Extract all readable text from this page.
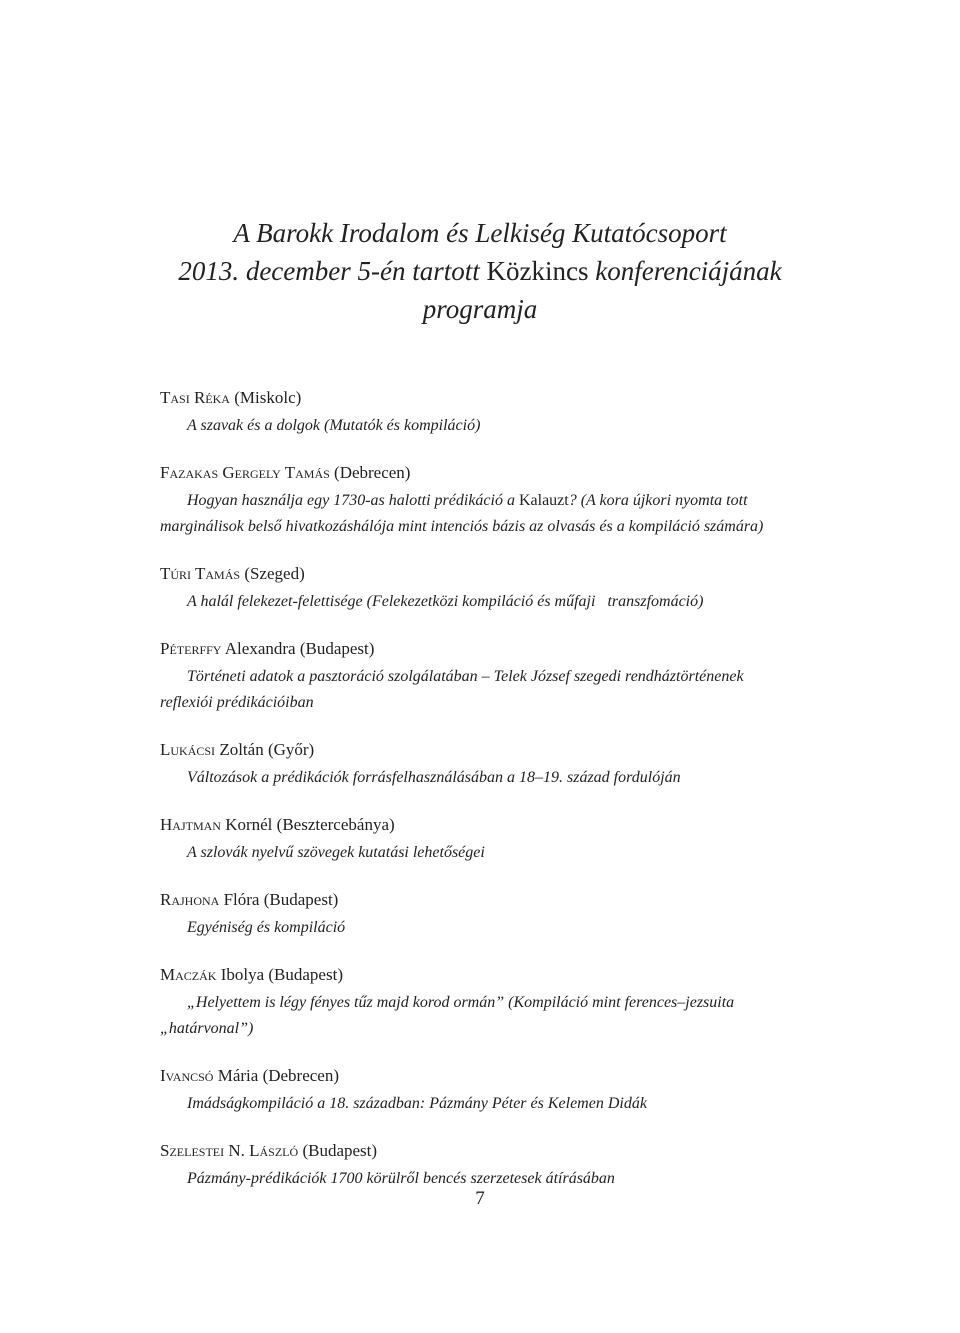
A Barokk Irodalom és Lelkiség Kutatócsoport
2013. december 5-én tartott Közkincs konferenciájának
programja
Tasi Réka (Miskolc)
A szavak és a dolgok (Mutatók és kompiláció)
Fazakas Gergely Tamás (Debrecen)
Hogyan használja egy 1730-as halotti prédikáció a Kalauzt? (A kora újkori nyomta tott marginálisok belső hivatkozáshálója mint intenciós bázis az olvasás és a kompiláció számára)
Túri Tamás (Szeged)
A halál felekezet-felettisége (Felekezetközi kompiláció és műfaji   transzfomáció)
Péterffy Alexandra (Budapest)
Történeti adatok a pasztoráció szolgálatában – Telek József szegedi rendháztörténenek reflexiói prédikációiban
Lukácsi Zoltán (Győr)
Változások a prédikációk forrásfelhasználásában a 18–19. század fordulóján
Hajtman Kornél (Besztercebánya)
A szlovák nyelvű szövegek kutatási lehetőségei
Rajhona Flóra (Budapest)
Egyéniség és kompiláció
Maczák Ibolya (Budapest)
„Helyettem is légy fényes tűz majd korod ormán” (Kompiláció mint ferences–jezsuita „határvonal”)
Ivancsó Mária (Debrecen)
Imádságkompiláció a 18. században: Pázmány Péter és Kelemen Didák
Szelestei N. László (Budapest)
Pázmány-prédikációk 1700 körülről bencés szerzetesek átírásában
7
